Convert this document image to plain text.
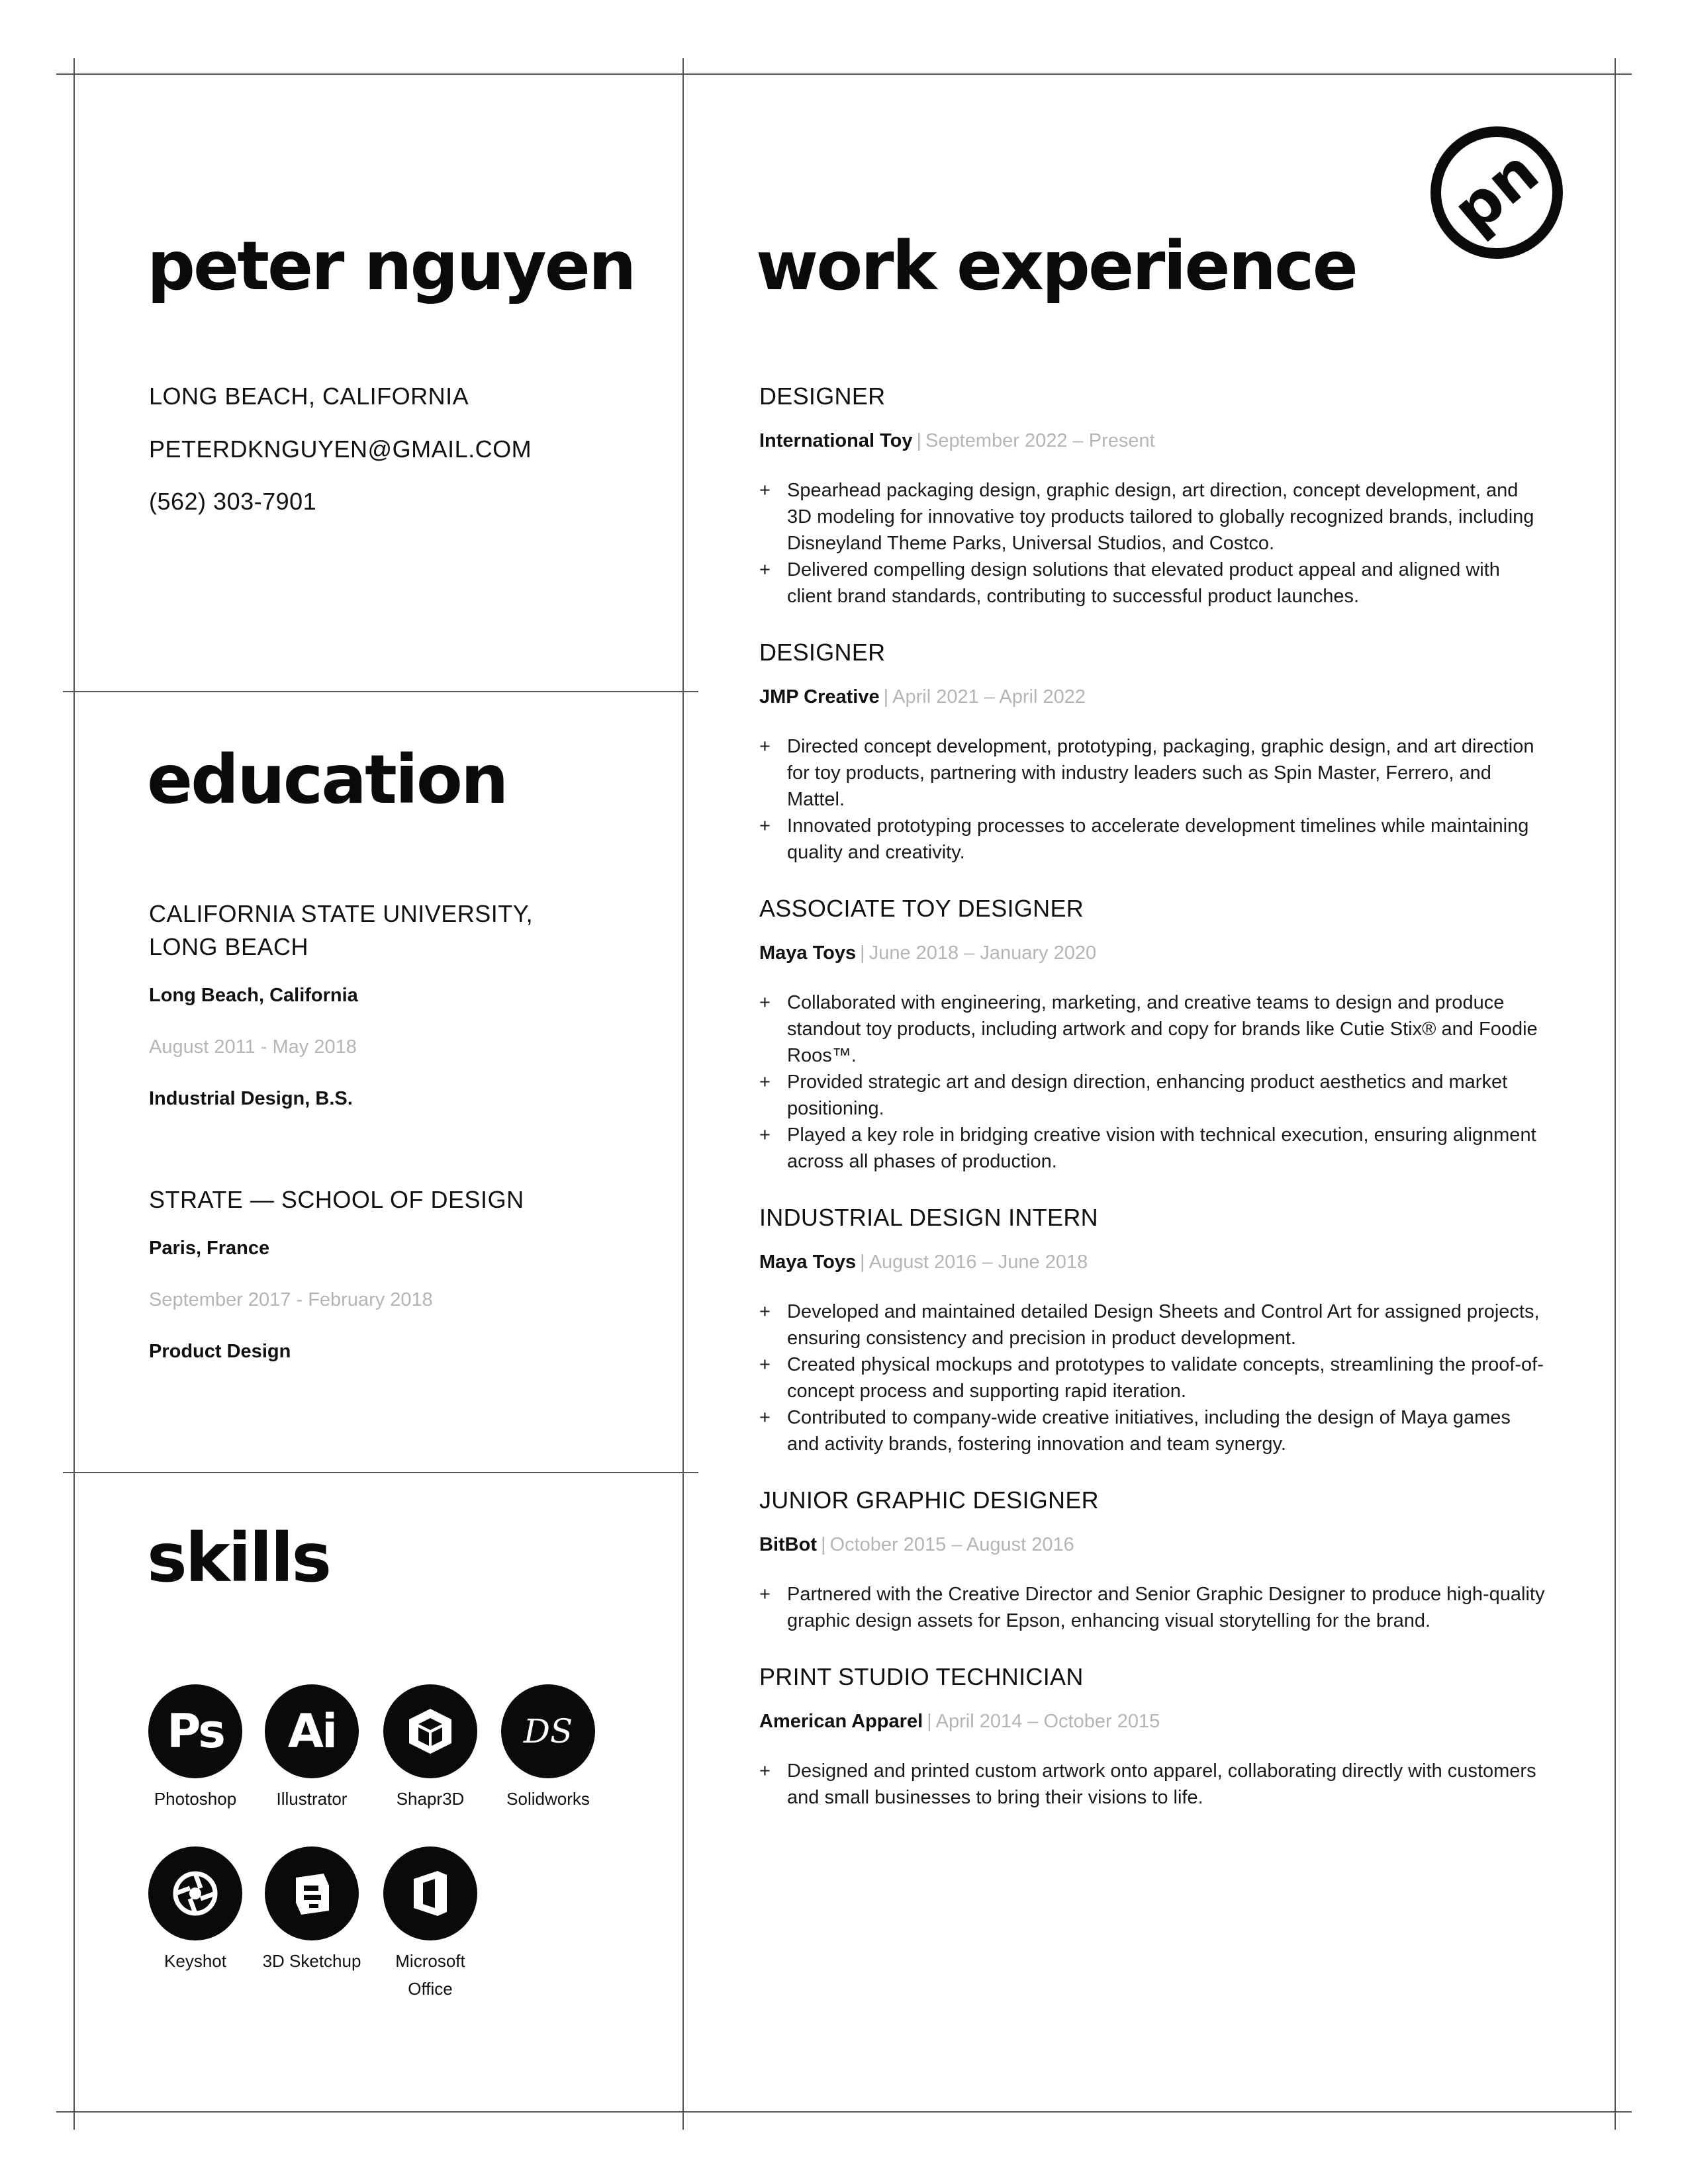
peter nguyen
LONG BEACH, CALIFORNIA
PETERDKNGUYEN@GMAIL.COM
(562) 303-7901
pn
education
CALIFORNIA STATE UNIVERSITY,
LONG BEACH
Long Beach, California
August 2011 - May 2018
Industrial Design, B.S.
STRATE — SCHOOL OF DESIGN
Paris, France
September 2017 - February 2018
Product Design
skills
Ps
Photoshop
Ai
Illustrator	Shapr3D
DS
Solidworks
Keyshot	3D Sketchup	Microsoft
Office
work experience
DESIGNER
International Toy | September 2022 – Present
+ Spearhead packaging design, graphic design, art direction, concept development, and 3D modeling for innovative toy products tailored to globally recognized brands, including Disneyland Theme Parks, Universal Studios, and Costco.
+ Delivered compelling design solutions that elevated product appeal and aligned with client brand standards, contributing to successful product launches.
DESIGNER
JMP Creative | April 2021 – April 2022
+ Directed concept development, prototyping, packaging, graphic design, and art direction for toy products, partnering with industry leaders such as Spin Master, Ferrero, and Mattel.
+ Innovated prototyping processes to accelerate development timelines while maintaining quality and creativity.
ASSOCIATE TOY DESIGNER
Maya Toys | June 2018 – January 2020
+ Collaborated with engineering, marketing, and creative teams to design and produce standout toy products, including artwork and copy for brands like Cutie Stix® and Foodie Roos™.
+ Provided strategic art and design direction, enhancing product aesthetics and market positioning.
+ Played a key role in bridging creative vision with technical execution, ensuring alignment across all phases of production.
INDUSTRIAL DESIGN INTERN
Maya Toys | August 2016 – June 2018
+ Developed and maintained detailed Design Sheets and Control Art for assigned projects, ensuring consistency and precision in product development.
+ Created physical mockups and prototypes to validate concepts, streamlining the proof-of-concept process and supporting rapid iteration.
+ Contributed to company-wide creative initiatives, including the design of Maya games and activity brands, fostering innovation and team synergy.
JUNIOR GRAPHIC DESIGNER
BitBot | October 2015 – August 2016
+ Partnered with the Creative Director and Senior Graphic Designer to produce high-quality graphic design assets for Epson, enhancing visual storytelling for the brand.
PRINT STUDIO TECHNICIAN
American Apparel | April 2014 – October 2015
+ Designed and printed custom artwork onto apparel, collaborating directly with customers and small businesses to bring their visions to life.
